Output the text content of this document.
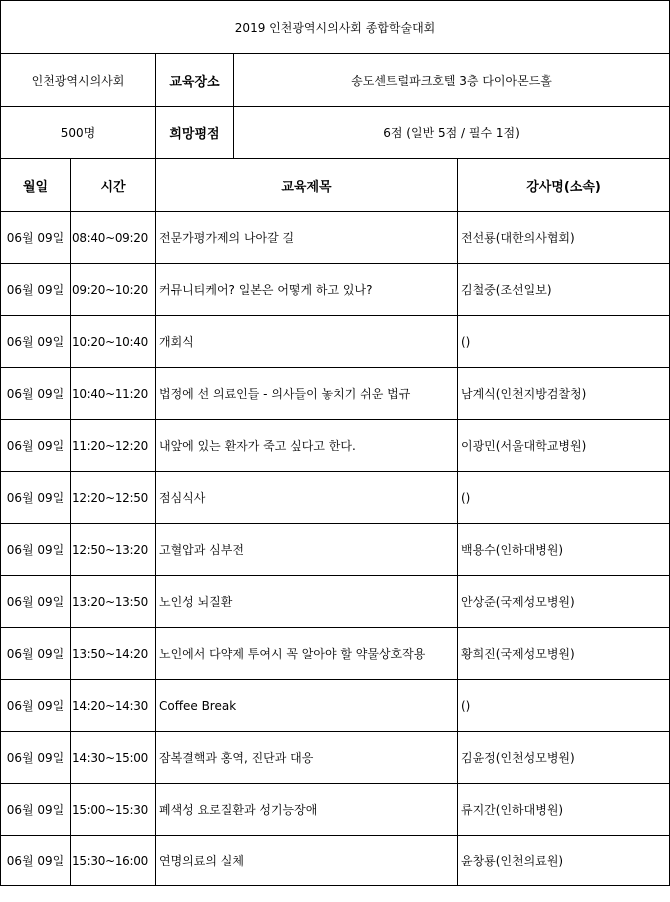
2019 인천광역시의사회 종합학술대회				
인천광역시의사회		교육장소	송도센트럴파크호텔 3층 다이아몬드홀	
500명		희망평점	6점 (일반 5점 / 필수 1점)	
월일	시간	교육제목		강사명(소속)
06월 09일	08:40~09:20	전문가평가제의 나아갈 길		전선룡(대한의사협회)
06월 09일	09:20~10:20	커뮤니티케어? 일본은 어떻게 하고 있나?		김철중(조선일보)
06월 09일	10:20~10:40	개회식		()
06월 09일	10:40~11:20	법정에 선 의료인들 - 의사들이 놓치기 쉬운 법규		남계식(인천지방검찰청)
06월 09일	11:20~12:20	내앞에 있는 환자가 죽고 싶다고 한다.		이광민(서울대학교병원)
06월 09일	12:20~12:50	점심식사		()
06월 09일	12:50~13:20	고혈압과 심부전		백용수(인하대병원)
06월 09일	13:20~13:50	노인성 뇌질환		안상준(국제성모병원)
06월 09일	13:50~14:20	노인에서 다약제 투여시 꼭 알아야 할 약물상호작용		황희진(국제성모병원)
06월 09일	14:20~14:30	Coffee Break		()
06월 09일	14:30~15:00	잠복결핵과 홍역, 진단과 대응		김윤정(인천성모병원)
06월 09일	15:00~15:30	폐색성 요로질환과 성기능장애		류지간(인하대병원)
06월 09일	15:30~16:00	연명의료의 실체		윤창룡(인천의료원)
